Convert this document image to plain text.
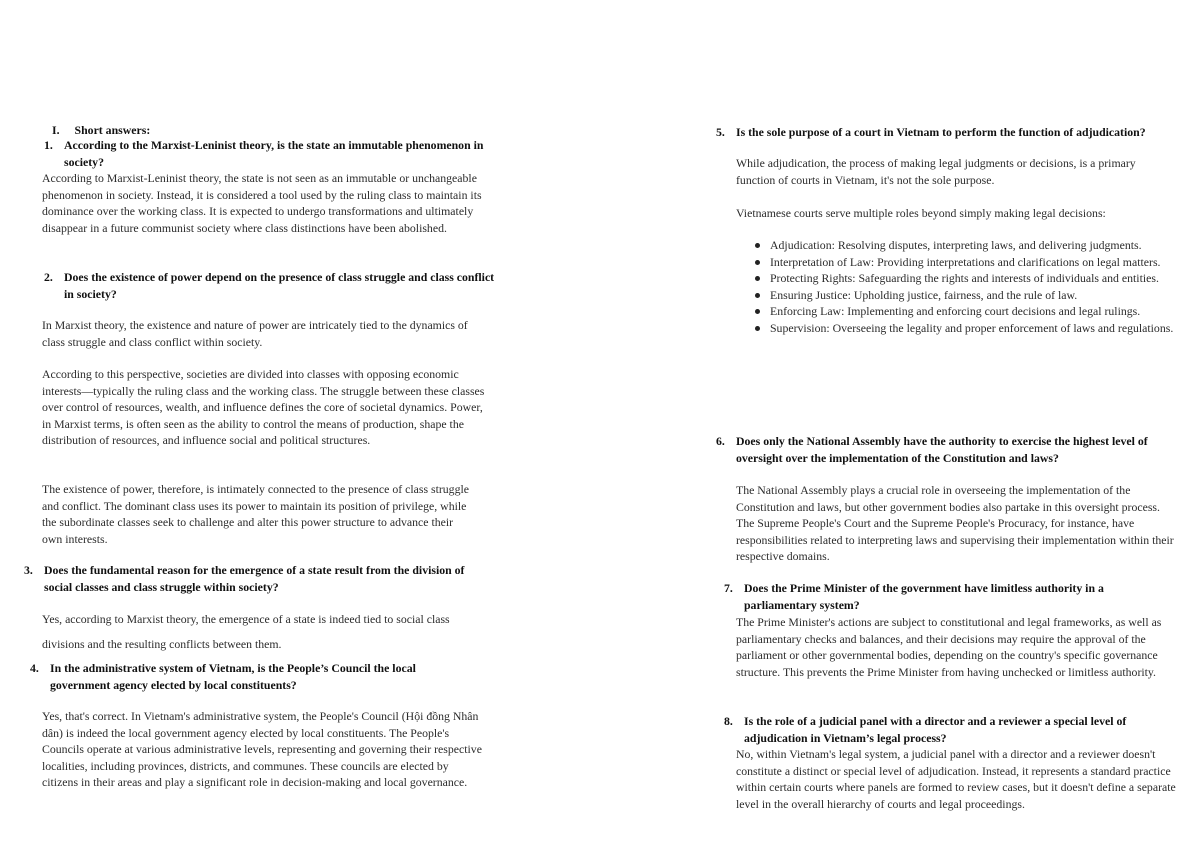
I. Short answers:
1. According to the Marxist-Leninist theory, is the state an immutable phenomenon in society?

According to Marxist-Leninist theory, the state is not seen as an immutable or unchangeable phenomenon in society. Instead, it is considered a tool used by the ruling class to maintain its dominance over the working class. It is expected to undergo transformations and ultimately disappear in a future communist society where class distinctions have been abolished.

2. Does the existence of power depend on the presence of class struggle and class conflict in society?

In Marxist theory, the existence and nature of power are intricately tied to the dynamics of class struggle and class conflict within society.

According to this perspective, societies are divided into classes with opposing economic interests—typically the ruling class and the working class. The struggle between these classes over control of resources, wealth, and influence defines the core of societal dynamics. Power, in Marxist terms, is often seen as the ability to control the means of production, shape the distribution of resources, and influence social and political structures.

The existence of power, therefore, is intimately connected to the presence of class struggle and conflict. The dominant class uses its power to maintain its position of privilege, while the subordinate classes seek to challenge and alter this power structure to advance their own interests.

3. Does the fundamental reason for the emergence of a state result from the division of social classes and class struggle within society?

Yes, according to Marxist theory, the emergence of a state is indeed tied to social class divisions and the resulting conflicts between them.

4. In the administrative system of Vietnam, is the People’s Council the local government agency elected by local constituents?

Yes, that's correct. In Vietnam's administrative system, the People's Council (Hội đồng Nhân dân) is indeed the local government agency elected by local constituents. The People's Councils operate at various administrative levels, representing and governing their respective localities, including provinces, districts, and communes. These councils are elected by citizens in their areas and play a significant role in decision-making and local governance.

5. Is the sole purpose of a court in Vietnam to perform the function of adjudication?

While adjudication, the process of making legal judgments or decisions, is a primary function of courts in Vietnam, it's not the sole purpose.

Vietnamese courts serve multiple roles beyond simply making legal decisions:

Adjudication: Resolving disputes, interpreting laws, and delivering judgments.
Interpretation of Law: Providing interpretations and clarifications on legal matters.
Protecting Rights: Safeguarding the rights and interests of individuals and entities.
Ensuring Justice: Upholding justice, fairness, and the rule of law.
Enforcing Law: Implementing and enforcing court decisions and legal rulings.
Supervision: Overseeing the legality and proper enforcement of laws and regulations.
6. Does only the National Assembly have the authority to exercise the highest level of oversight over the implementation of the Constitution and laws?

The National Assembly plays a crucial role in overseeing the implementation of the Constitution and laws, but other government bodies also partake in this oversight process. The Supreme People's Court and the Supreme People's Procuracy, for instance, have responsibilities related to interpreting laws and supervising their implementation within their respective domains.

7. Does the Prime Minister of the government have limitless authority in a parliamentary system?

The Prime Minister's actions are subject to constitutional and legal frameworks, as well as parliamentary checks and balances, and their decisions may require the approval of the parliament or other governmental bodies, depending on the country's specific governance structure. This prevents the Prime Minister from having unchecked or limitless authority.

8. Is the role of a judicial panel with a director and a reviewer a special level of adjudication in Vietnam’s legal process?

No, within Vietnam's legal system, a judicial panel with a director and a reviewer doesn't constitute a distinct or special level of adjudication. Instead, it represents a standard practice within certain courts where panels are formed to review cases, but it doesn't define a separate level in the overall hierarchy of courts and legal proceedings.
